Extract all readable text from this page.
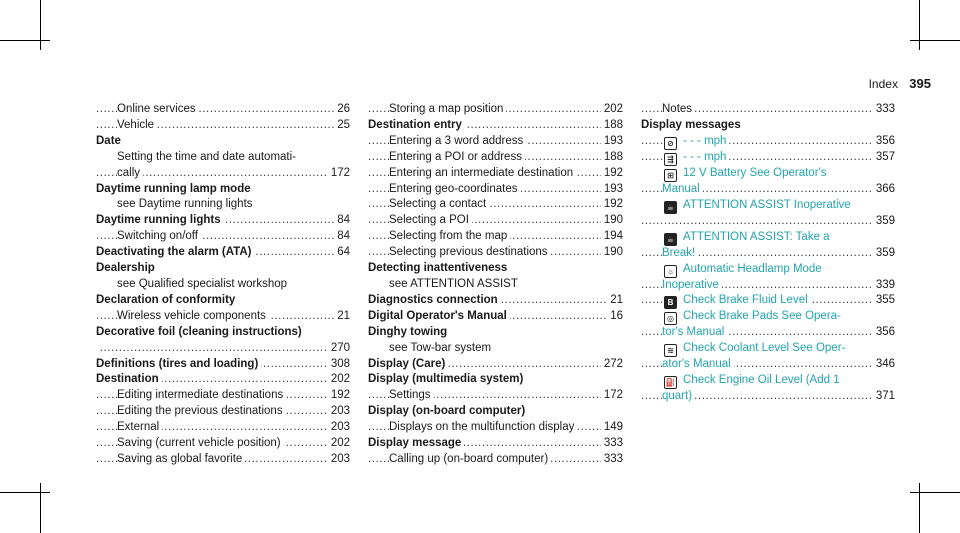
Index 395
..... Online services	26
..... Vehicle	25
Date
Setting the time and date automati-
..... cally	172
Daytime running lamp mode
see Daytime running lights
..... Daytime running lights	84
..... Switching on/off	84
..... Deactivating the alarm (ATA)	64
Dealership
see Qualified specialist workshop
Declaration of conformity
..... Wireless vehicle components	21
Decorative foil (cleaning instructions)
..... 270
..... Definitions (tires and loading)	308
..... Destination	202
..... Editing intermediate destinations	192
..... Editing the previous destinations	203
..... External	203
..... Saving (current vehicle position)	202
..... Saving as global favorite	203
..... Storing a map position	202
..... Destination entry	188
..... Entering a 3 word address	193
..... Entering a POI or address	188
..... Entering an intermediate destination	192
..... Entering geo-coordinates	193
..... Selecting a contact	192
..... Selecting a POI	190
..... Selecting from the map	194
..... Selecting previous destinations	190
Detecting inattentiveness
see ATTENTION ASSIST
..... Diagnostics connection	21
..... Digital Operator's Manual	16
Dinghy towing
see Tow-bar system
..... Display (Care)	272
Display (multimedia system)
..... Settings	172
Display (on-board computer)
..... Displays on the multifunction display	149
..... Display message	333
..... Calling up (on-board computer)	333
..... Notes	333
Display messages
..... ⊘ - - - mph	356
..... ⇶ - - - mph	357
⊞ 12 V Battery See Operator's
..... Manual	366
☕ ATTENTION ASSIST Inoperative
..... 359
☕ ATTENTION ASSIST: Take a
..... Break!	359
☼ Automatic Headlamp Mode
..... Inoperative	339
..... B Check Brake Fluid Level	355
◎ Check Brake Pads See Opera-
..... tor's Manual	356
≋ Check Coolant Level See Oper-
..... ator's Manual	346
⛽ Check Engine Oil Level (Add 1
..... quart)	371
